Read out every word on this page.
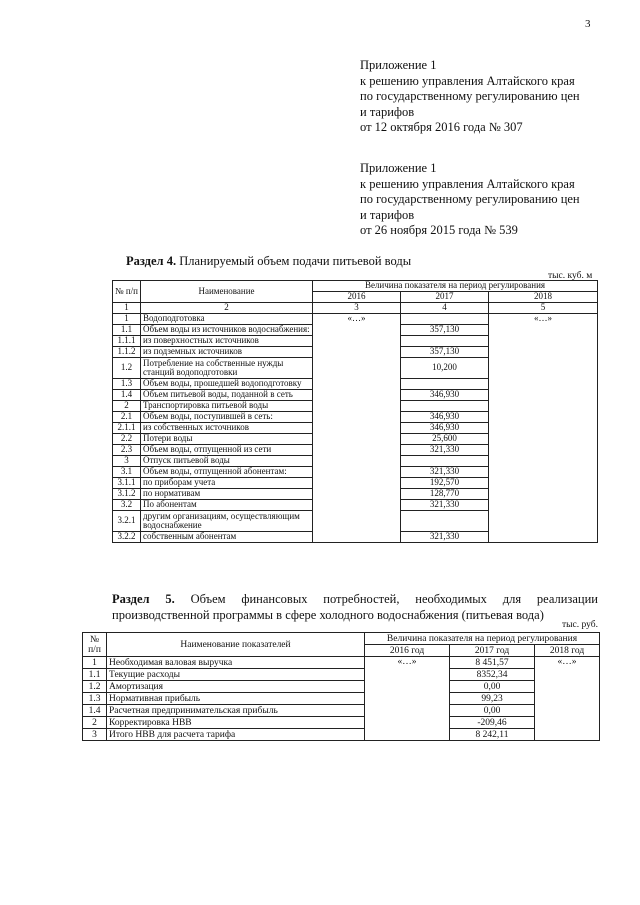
3
Приложение 1
к решению управления Алтайского края
по государственному регулированию цен
и тарифов
от 12 октября 2016 года № 307
Приложение 1
к решению управления Алтайского края
по государственному регулированию цен
и тарифов
от 26 ноября 2015 года № 539
Раздел 4. Планируемый объем подачи питьевой воды
тыс. куб. м
№ п/п	Наименование	Величина показателя на период регулирования		
		2016	2017	2018
1	2	3	4	5
1	Водоподготовка	«…»		«…»
1.1	Объем воды из источников водоснабжения:		357,130	
1.1.1	из поверхностных источников			
1.1.2	из подземных источников		357,130	
1.2	Потребление на собственные нужды станций водоподготовки		10,200	
1.3	Объем воды, прошедшей водоподготовку			
1.4	Объем питьевой воды, поданной в сеть		346,930	
2	Транспортировка питьевой воды			
2.1	Объем воды, поступившей в сеть:		346,930	
2.1.1	из собственных источников		346,930	
2.2	Потери воды		25,600	
2.3	Объем воды, отпущенной из сети		321,330	
3	Отпуск питьевой воды			
3.1	Объем воды, отпущенной абонентам:		321,330	
3.1.1	по приборам учета		192,570	
3.1.2	по нормативам		128,770	
3.2	По абонентам		321,330	
3.2.1	другим организациям, осуществляющим водоснабжение			
3.2.2	собственным абонентам		321,330	
Раздел 5. Объем финансовых потребностей, необходимых для реализации производственной программы в сфере холодного водоснабжения (питьевая вода)
тыс. руб.
№ п/п	Наименование показателей	Величина показателя на период регулирования		
		2016 год	2017 год	2018 год
1	Необходимая валовая выручка	«…»	8 451,57	«…»
1.1	Текущие расходы		8352,34	
1.2	Амортизация		0,00	
1.3	Нормативная прибыль		99,23	
1.4	Расчетная предпринимательская прибыль		0,00	
2	Корректировка НВВ		-209,46	
3	Итого НВВ для расчета тарифа		8 242,11	
